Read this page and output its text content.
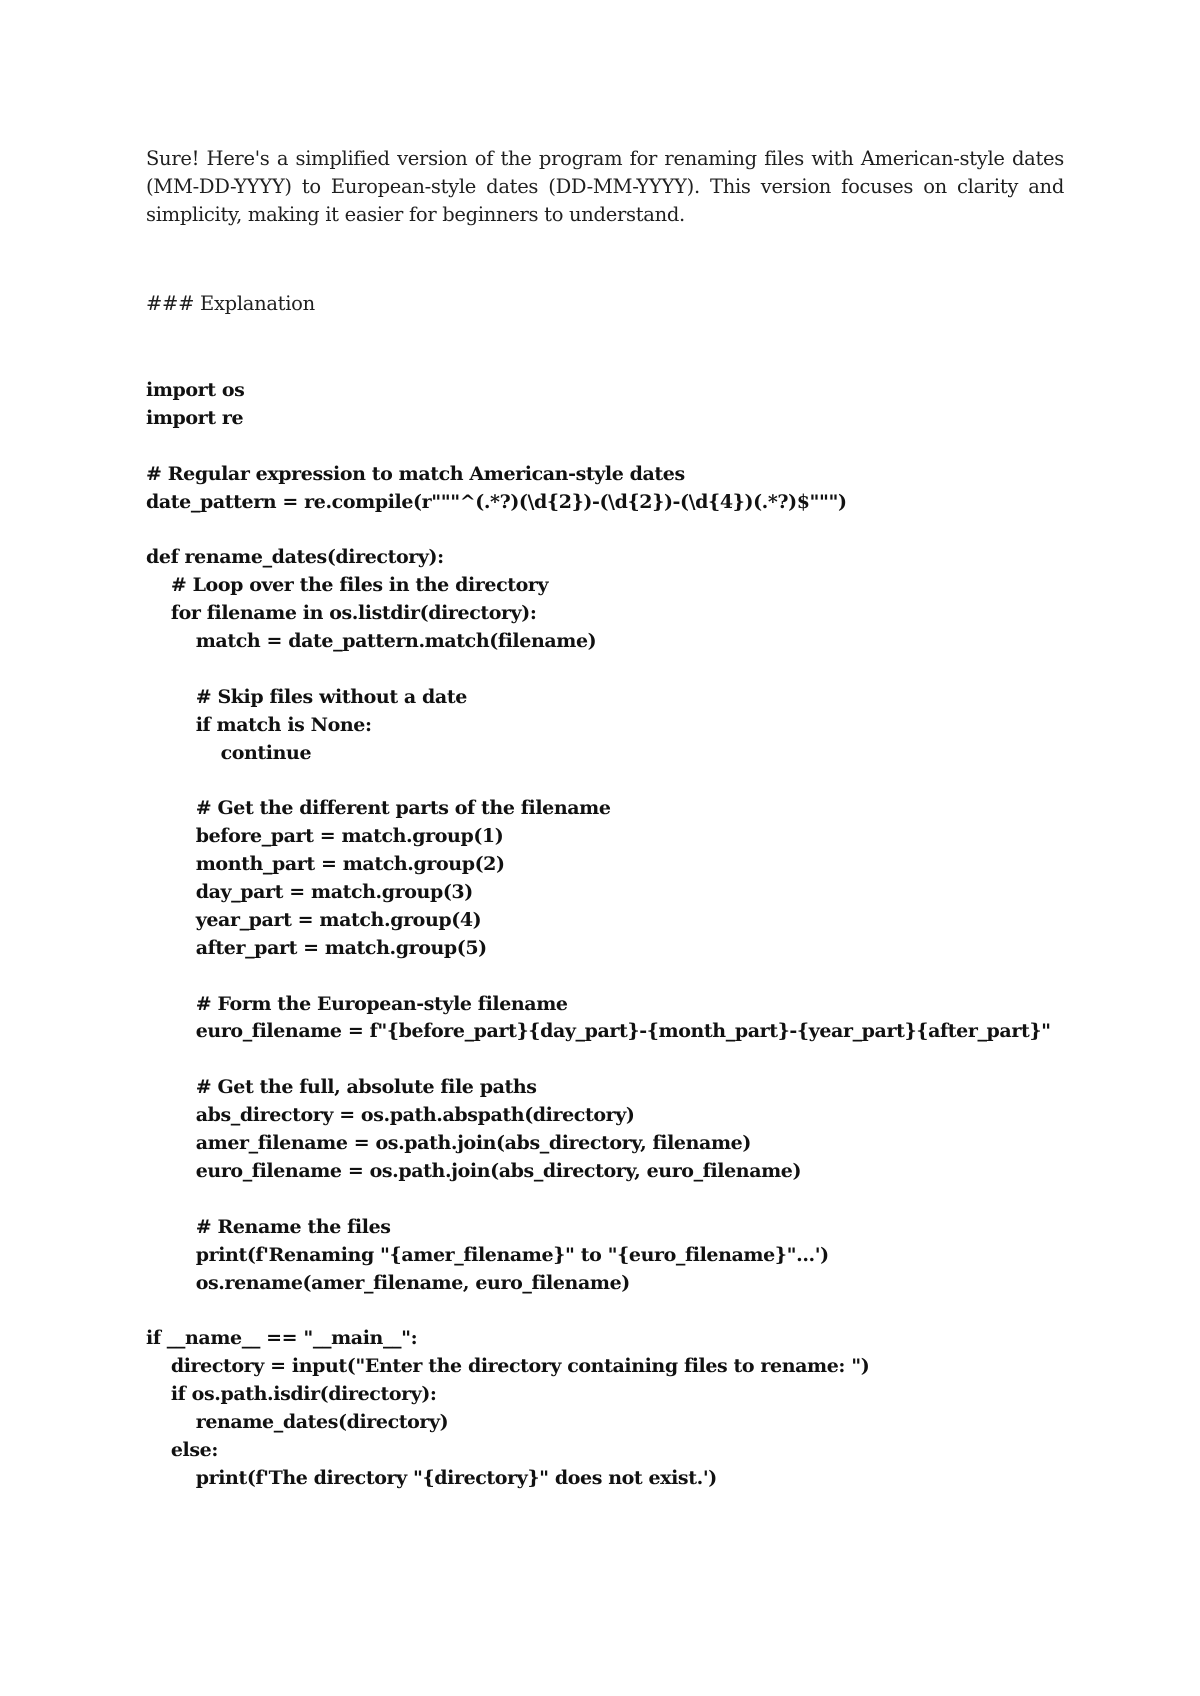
Sure! Here's a simplified version of the program for renaming files with American-style dates (MM-DD-YYYY) to European-style dates (DD-MM-YYYY). This version focuses on clarity and simplicity, making it easier for beginners to understand.

### Explanation

import os
import re
# Regular expression to match American-style dates
date_pattern = re.compile(r"""^(.*?)(\d{2})-(\d{2})-(\d{4})(.*?)$""")
def rename_dates(directory):
# Loop over the files in the directory
for filename in os.listdir(directory):
match = date_pattern.match(filename)
# Skip files without a date
if match is None:
continue
# Get the different parts of the filename
before_part = match.group(1)
month_part = match.group(2)
day_part = match.group(3)
year_part = match.group(4)
after_part = match.group(5)
# Form the European-style filename
euro_filename = f"{before_part}{day_part}-{month_part}-{year_part}{after_part}"
# Get the full, absolute file paths
abs_directory = os.path.abspath(directory)
amer_filename = os.path.join(abs_directory, filename)
euro_filename = os.path.join(abs_directory, euro_filename)
# Rename the files
print(f'Renaming "{amer_filename}" to "{euro_filename}"...')
os.rename(amer_filename, euro_filename)
if __name__ == "__main__":
directory = input("Enter the directory containing files to rename: ")
if os.path.isdir(directory):
rename_dates(directory)
else:
print(f'The directory "{directory}" does not exist.')
